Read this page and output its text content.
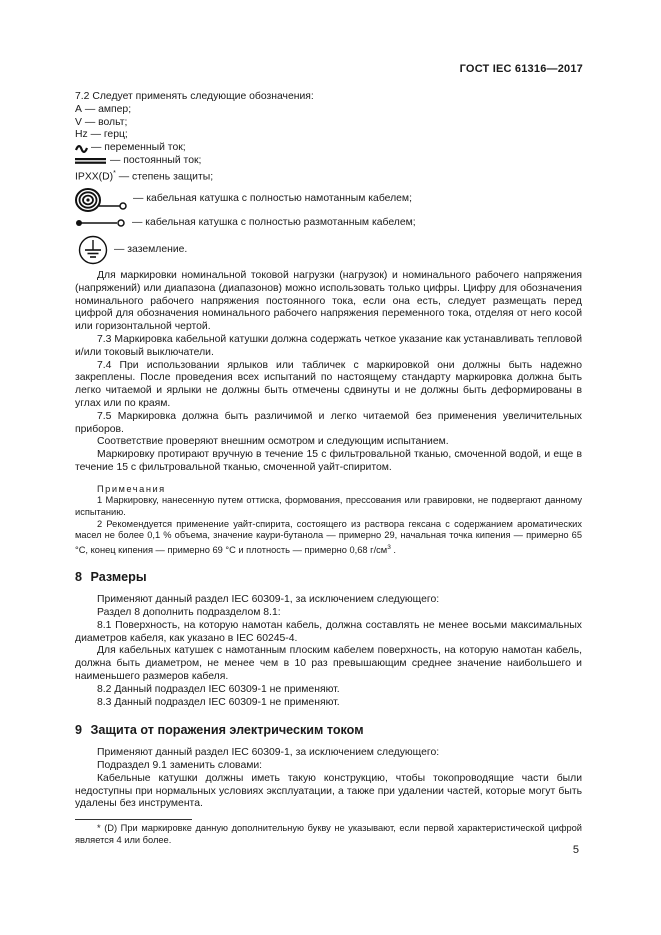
ГОСТ IEC 61316—2017
7.2 Следует применять следующие обозначения:
А — ампер;
V — вольт;
Hz — герц;
— переменный ток;
— постоянный ток;
IPXX(D)* — степень защиты;
— кабельная катушка с полностью намотанным кабелем;
— кабельная катушка с полностью размотанным кабелем;
— заземление.

Для маркировки номинальной токовой нагрузки (нагрузок) и номинального рабочего напряжения (напряжений) или диапазона (диапазонов) можно использовать только цифры. Цифру для обозначения номинального рабочего напряжения постоянного тока, если она есть, следует размещать перед цифрой для обозначения номинального рабочего напряжения переменного тока, отделяя от него косой или горизонтальной чертой.

7.3 Маркировка кабельной катушки должна содержать четкое указание как устанавливать тепловой и/или токовый выключатели.

7.4 При использовании ярлыков или табличек с маркировкой они должны быть надежно закреплены. После проведения всех испытаний по настоящему стандарту маркировка должна быть легко читаемой и ярлыки не должны быть отмечены сдвинуты и не должны быть деформированы в углах или по краям.

7.5 Маркировка должна быть различимой и легко читаемой без применения увеличительных приборов.

Соответствие проверяют внешним осмотром и следующим испытанием.

Маркировку протирают вручную в течение 15 с фильтровальной тканью, смоченной водой, и еще в течение 15 с фильтровальной тканью, смоченной уайт-спиритом.

Примечания

1 Маркировку, нанесенную путем оттиска, формования, прессования или гравировки, не подвергают данному испытанию.

2 Рекомендуется применение уайт-спирита, состоящего из раствора гексана с содержанием ароматических масел не более 0,1 % объема, значение каури-бутанола — примерно 29, начальная точка кипения — примерно 65 °С, конец кипения — примерно 69 °С и плотность — примерно 0,68 $г/см^3$ .

8 Размеры

Применяют данный раздел IEC 60309-1, за исключением следующего:

Раздел 8 дополнить подразделом 8.1:

8.1 Поверхность, на которую намотан кабель, должна составлять не менее восьми максимальных диаметров кабеля, как указано в IEC 60245-4.

Для кабельных катушек с намотанным плоским кабелем поверхность, на которую намотан кабель, должна быть диаметром, не менее чем в 10 раз превышающим среднее значение наибольшего и наименьшего размеров кабеля.

8.2 Данный подраздел IEC 60309-1 не применяют.

8.3 Данный подраздел IEC 60309-1 не применяют.

9 Защита от поражения электрическим током

Применяют данный раздел IEC 60309-1, за исключением следующего:

Подраздел 9.1 заменить словами:

Кабельные катушки должны иметь такую конструкцию, чтобы токопроводящие части были недоступны при нормальных условиях эксплуатации, а также при удалении частей, которые могут быть удалены без инструмента.

* (D) При маркировке данную дополнительную букву не указывают, если первой характеристической цифрой является 4 или более.

5
